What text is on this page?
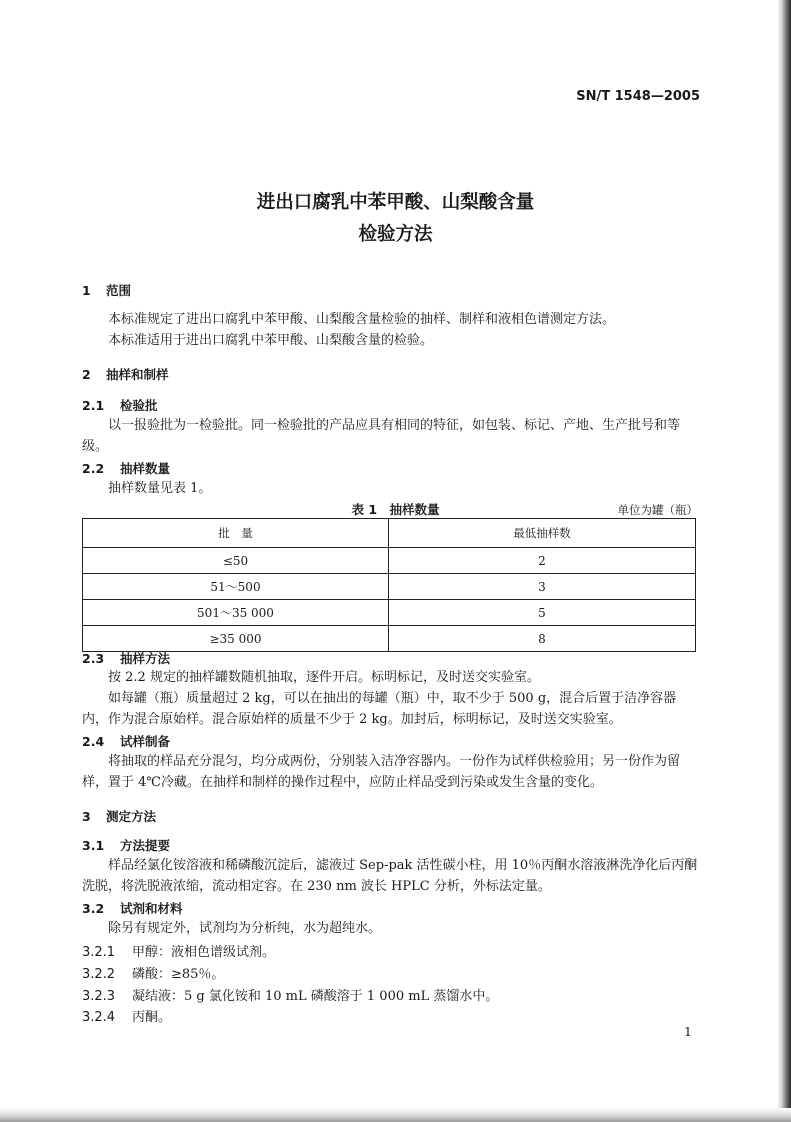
SN/T 1548—2005
进出口腐乳中苯甲酸、山梨酸含量
检验方法
1 范围
本标准规定了进出口腐乳中苯甲酸、山梨酸含量检验的抽样、制样和液相色谱测定方法。
本标准适用于进出口腐乳中苯甲酸、山梨酸含量的检验。
2 抽样和制样
2.1 检验批
以一报验批为一检验批。同一检验批的产品应具有相同的特征，如包装、标记、产地、生产批号和等级。
2.2 抽样数量
抽样数量见表 1。
表 1　抽样数量	单位为罐（瓶）
批　量	最低抽样数
≤50	2
51～500	3
501～35 000	5
≥35 000	8
2.3 抽样方法
按 2.2 规定的抽样罐数随机抽取，逐件开启。标明标记，及时送交实验室。
如每罐（瓶）质量超过 2 kg，可以在抽出的每罐（瓶）中，取不少于 500 g，混合后置于洁净容器内，作为混合原始样。混合原始样的质量不少于 2 kg。加封后，标明标记，及时送交实验室。
2.4 试样制备
将抽取的样品充分混匀，均分成两份，分别装入洁净容器内。一份作为试样供检验用；另一份作为留样，置于 4℃冷藏。在抽样和制样的操作过程中，应防止样品受到污染或发生含量的变化。
3 测定方法
3.1 方法提要
样品经氯化铵溶液和稀磷酸沉淀后，滤液过 Sep-pak 活性碳小柱，用 10％丙酮水溶液淋洗净化后丙酮洗脱，将洗脱液浓缩，流动相定容。在 230 nm 波长 HPLC 分析，外标法定量。
3.2 试剂和材料
除另有规定外，试剂均为分析纯，水为超纯水。
3.2.1 甲醇：液相色谱级试剂。
3.2.2 磷酸：≥85％。
3.2.3 凝结液：5 g 氯化铵和 10 mL 磷酸溶于 1 000 mL 蒸馏水中。
3.2.4 丙酮。
1
